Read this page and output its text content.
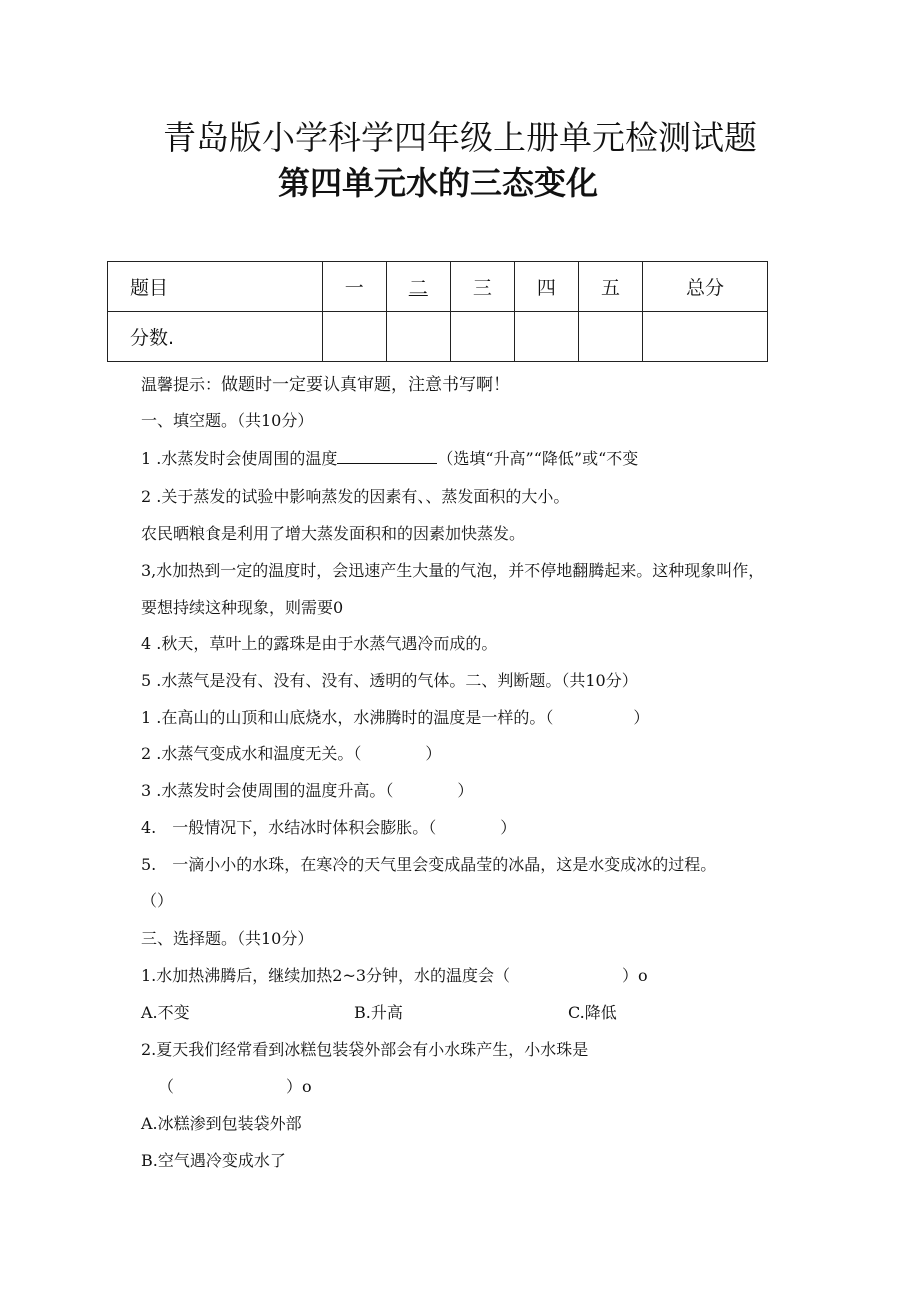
青岛版小学科学四年级上册单元检测试题
第四单元水的三态变化
题目	一	二	三	四	五	总分
分数.						
温馨提示：做题时一定要认真审题，注意书写啊！
一、填空题。（共10分）
1 .水蒸发时会使周围的温度	（选填“升高”“降低”或“不变
2 .关于蒸发的试验中影响蒸发的因素有、、蒸发面积的大小。
农民晒粮食是利用了增大蒸发面积和的因素加快蒸发。
3,水加热到一定的温度时，会迅速产生大量的气泡，并不停地翻腾起来。这种现象叫作，
要想持续这种现象，则需要0
4 .秋天，草叶上的露珠是由于水蒸气遇冷而成的。
5 .水蒸气是没有、没有、没有、透明的气体。二、判断题。（共10分）
1 .在高山的山顶和山底烧水，水沸腾时的温度是一样的。（　　　　　）
2 .水蒸气变成水和温度无关。（　　　　）
3 .水蒸发时会使周围的温度升高。（　　　　）
4.　一般情况下，水结冰时体积会膨胀。（　　　　）
5.　一滴小小的水珠，在寒冷的天气里会变成晶莹的冰晶，这是水变成冰的过程。
（）
三、选择题。（共10分）
1.水加热沸腾后，继续加热2~3分钟，水的温度会（　　　　　　　）o
A.不变	B.升高	C.降低
2.夏天我们经常看到冰糕包装袋外部会有小水珠产生，小水珠是
（　　　　　　　）o
A.冰糕渗到包装袋外部
B.空气遇冷变成水了
